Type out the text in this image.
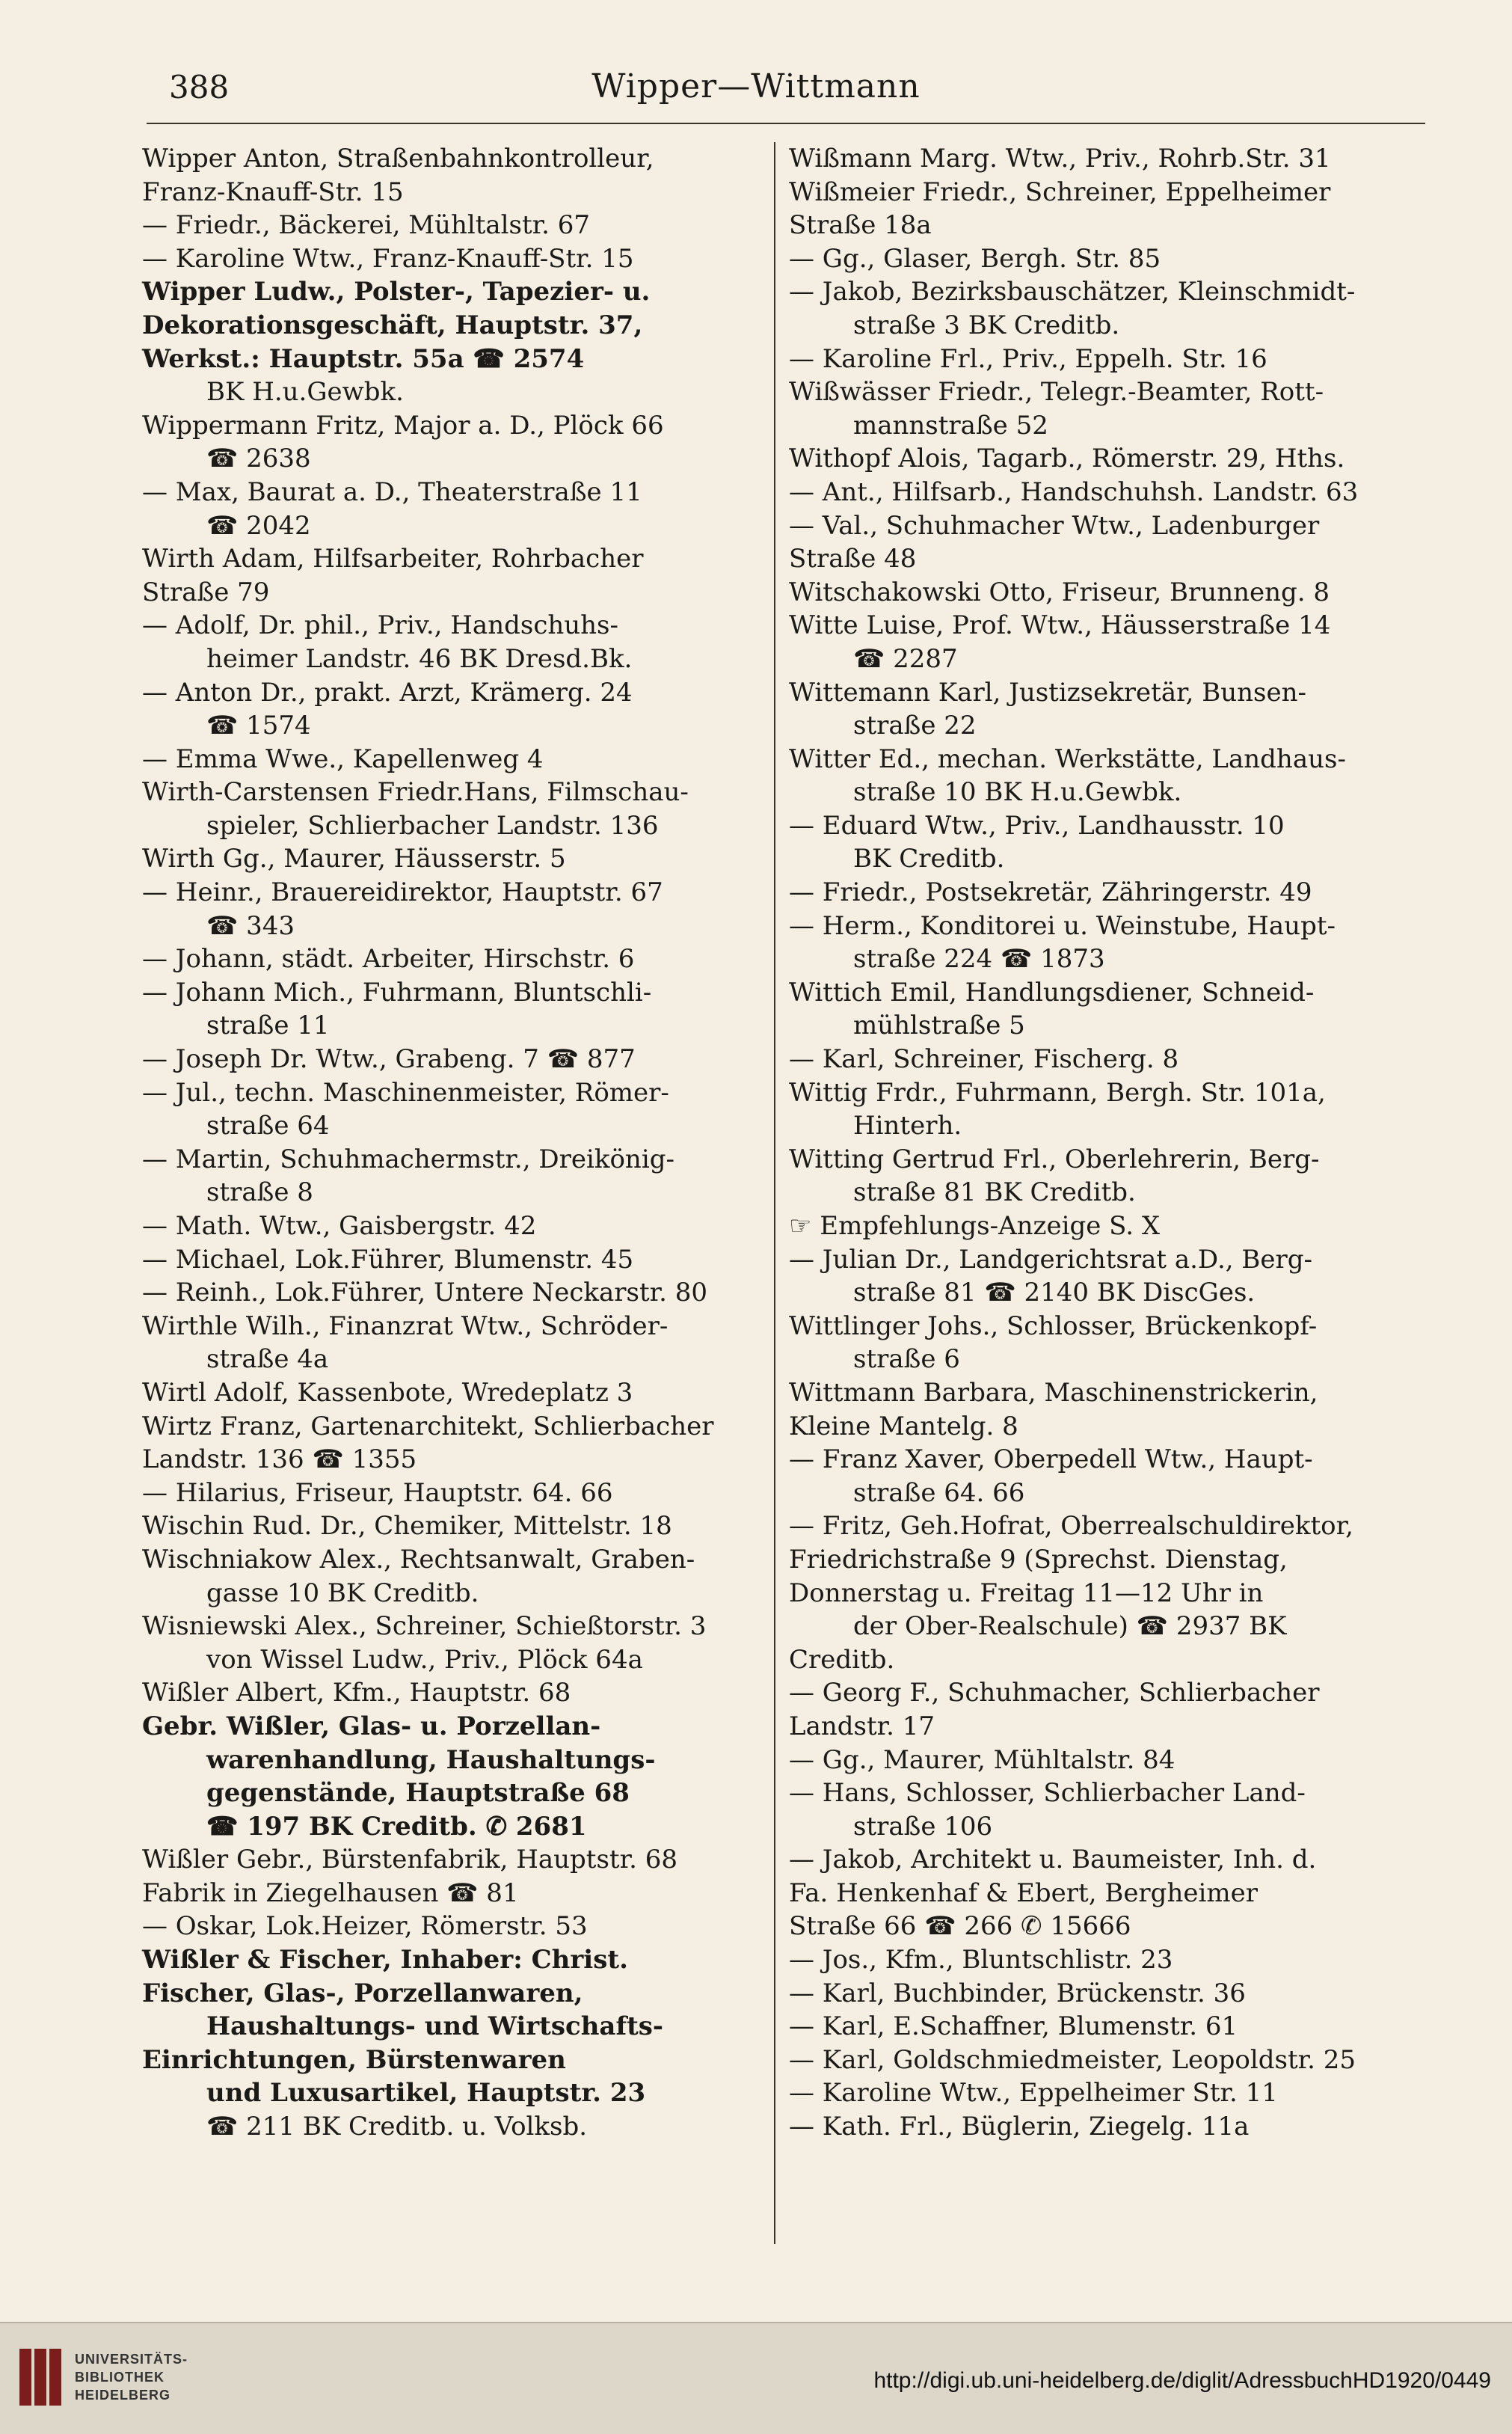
388	Wipper—Wittmann
Wipper Anton, Straßenbahnkontrolleur,
Franz-Knauff-Str. 15
— Friedr., Bäckerei, Mühltalstr. 67
— Karoline Wtw., Franz-Knauff-Str. 15
Wipper Ludw., Polster-, Tapezier- u.
Dekorationsgeschäft, Hauptstr. 37,
Werkst.: Hauptstr. 55a ☎ 2574
BK H.u.Gewbk.
Wippermann Fritz, Major a. D., Plöck 66
☎ 2638
— Max, Baurat a. D., Theaterstraße 11
☎ 2042
Wirth Adam, Hilfsarbeiter, Rohrbacher
Straße 79
— Adolf, Dr. phil., Priv., Handschuhs-
heimer Landstr. 46 BK Dresd.Bk.
— Anton Dr., prakt. Arzt, Krämerg. 24
☎ 1574
— Emma Wwe., Kapellenweg 4
Wirth-Carstensen Friedr.Hans, Filmschau-
spieler, Schlierbacher Landstr. 136
Wirth Gg., Maurer, Häusserstr. 5
— Heinr., Brauereidirektor, Hauptstr. 67
☎ 343
— Johann, städt. Arbeiter, Hirschstr. 6
— Johann Mich., Fuhrmann, Bluntschli-
straße 11
— Joseph Dr. Wtw., Grabeng. 7 ☎ 877
— Jul., techn. Maschinenmeister, Römer-
straße 64
— Martin, Schuhmachermstr., Dreikönig-
straße 8
— Math. Wtw., Gaisbergstr. 42
— Michael, Lok.Führer, Blumenstr. 45
— Reinh., Lok.Führer, Untere Neckarstr. 80
Wirthle Wilh., Finanzrat Wtw., Schröder-
straße 4a
Wirtl Adolf, Kassenbote, Wredeplatz 3
Wirtz Franz, Gartenarchitekt, Schlierbacher
Landstr. 136 ☎ 1355
— Hilarius, Friseur, Hauptstr. 64. 66
Wischin Rud. Dr., Chemiker, Mittelstr. 18
Wischniakow Alex., Rechtsanwalt, Graben-
gasse 10 BK Creditb.
Wisniewski Alex., Schreiner, Schießtorstr. 3
von Wissel Ludw., Priv., Plöck 64a
Wißler Albert, Kfm., Hauptstr. 68
Gebr. Wißler, Glas- u. Porzellan-
warenhandlung, Haushaltungs-
gegenstände, Hauptstraße 68
☎ 197 BK Creditb. ✆ 2681
Wißler Gebr., Bürstenfabrik, Hauptstr. 68
Fabrik in Ziegelhausen ☎ 81
— Oskar, Lok.Heizer, Römerstr. 53
Wißler & Fischer, Inhaber: Christ.
Fischer, Glas-, Porzellanwaren,
Haushaltungs- und Wirtschafts-
Einrichtungen, Bürstenwaren
und Luxusartikel, Hauptstr. 23
☎ 211 BK Creditb. u. Volksb.
Wißmann Marg. Wtw., Priv., Rohrb.Str. 31
Wißmeier Friedr., Schreiner, Eppelheimer
Straße 18a
— Gg., Glaser, Bergh. Str. 85
— Jakob, Bezirksbauschätzer, Kleinschmidt-
straße 3 BK Creditb.
— Karoline Frl., Priv., Eppelh. Str. 16
Wißwässer Friedr., Telegr.-Beamter, Rott-
mannstraße 52
Withopf Alois, Tagarb., Römerstr. 29, Hths.
— Ant., Hilfsarb., Handschuhsh. Landstr. 63
— Val., Schuhmacher Wtw., Ladenburger
Straße 48
Witschakowski Otto, Friseur, Brunneng. 8
Witte Luise, Prof. Wtw., Häusserstraße 14
☎ 2287
Wittemann Karl, Justizsekretär, Bunsen-
straße 22
Witter Ed., mechan. Werkstätte, Landhaus-
straße 10 BK H.u.Gewbk.
— Eduard Wtw., Priv., Landhausstr. 10
BK Creditb.
— Friedr., Postsekretär, Zähringerstr. 49
— Herm., Konditorei u. Weinstube, Haupt-
straße 224 ☎ 1873
Wittich Emil, Handlungsdiener, Schneid-
mühlstraße 5
— Karl, Schreiner, Fischerg. 8
Wittig Frdr., Fuhrmann, Bergh. Str. 101a,
Hinterh.
Witting Gertrud Frl., Oberlehrerin, Berg-
straße 81 BK Creditb.
☞ Empfehlungs-Anzeige S. X
— Julian Dr., Landgerichtsrat a.D., Berg-
straße 81 ☎ 2140 BK DiscGes.
Wittlinger Johs., Schlosser, Brückenkopf-
straße 6
Wittmann Barbara, Maschinenstrickerin,
Kleine Mantelg. 8
— Franz Xaver, Oberpedell Wtw., Haupt-
straße 64. 66
— Fritz, Geh.Hofrat, Oberrealschuldirektor,
Friedrichstraße 9 (Sprechst. Dienstag,
Donnerstag u. Freitag 11—12 Uhr in
der Ober-Realschule) ☎ 2937 BK
Creditb.
— Georg F., Schuhmacher, Schlierbacher
Landstr. 17
— Gg., Maurer, Mühltalstr. 84
— Hans, Schlosser, Schlierbacher Land-
straße 106
— Jakob, Architekt u. Baumeister, Inh. d.
Fa. Henkenhaf & Ebert, Bergheimer
Straße 66 ☎ 266 ✆ 15666
— Jos., Kfm., Bluntschlistr. 23
— Karl, Buchbinder, Brückenstr. 36
— Karl, E.Schaffner, Blumenstr. 61
— Karl, Goldschmiedmeister, Leopoldstr. 25
— Karoline Wtw., Eppelheimer Str. 11
— Kath. Frl., Büglerin, Ziegelg. 11a
UNIVERSITÄTS-
BIBLIOTHEK
HEIDELBERG
http://digi.ub.uni-heidelberg.de/diglit/AdressbuchHD1920/0449
